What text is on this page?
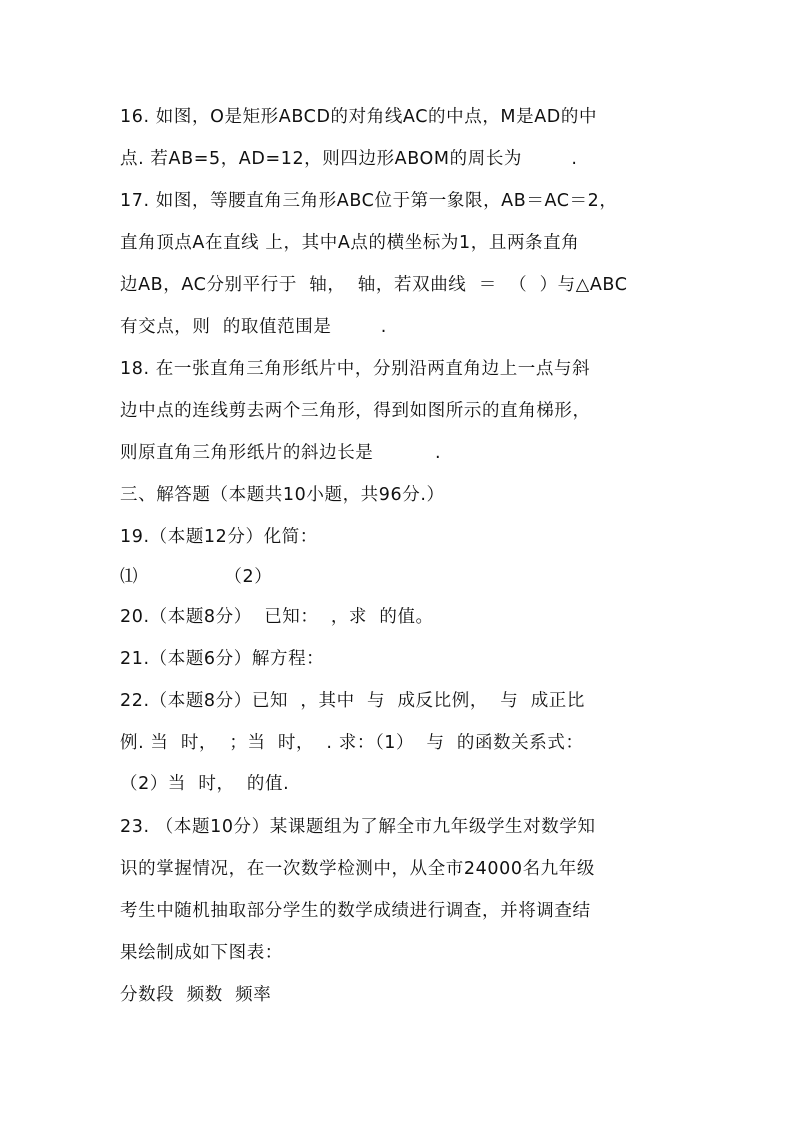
16. 如图，O是矩形ABCD的对角线AC的中点，M是AD的中
点. 若AB=5，AD=12，则四边形ABOM的周长为        .
17. 如图，等腰直角三角形ABC位于第一象限，AB＝AC＝2，
直角顶点A在直线 上，其中A点的横坐标为1，且两条直角
边AB，AC分别平行于  轴，  轴，若双曲线  ＝  （  ）与△ABC
有交点，则  的取值范围是        .
18. 在一张直角三角形纸片中，分别沿两直角边上一点与斜
边中点的连线剪去两个三角形，得到如图所示的直角梯形，
则原直角三角形纸片的斜边长是          .
三、解答题（本题共10小题，共96分.）
19.（本题12分）化简：
⑴              （2）
20.（本题8分）  已知：  ，求  的值。
21.（本题6分）解方程：
22.（本题8分）已知  ，其中  与  成反比例，  与  成正比
例. 当  时，  ；当  时，  . 求：（1）  与  的函数关系式：
（2）当  时，  的值.
23. （本题10分）某课题组为了解全市九年级学生对数学知
识的掌握情况，在一次数学检测中，从全市24000名九年级
考生中随机抽取部分学生的数学成绩进行调查，并将调查结
果绘制成如下图表：
分数段  频数  频率
